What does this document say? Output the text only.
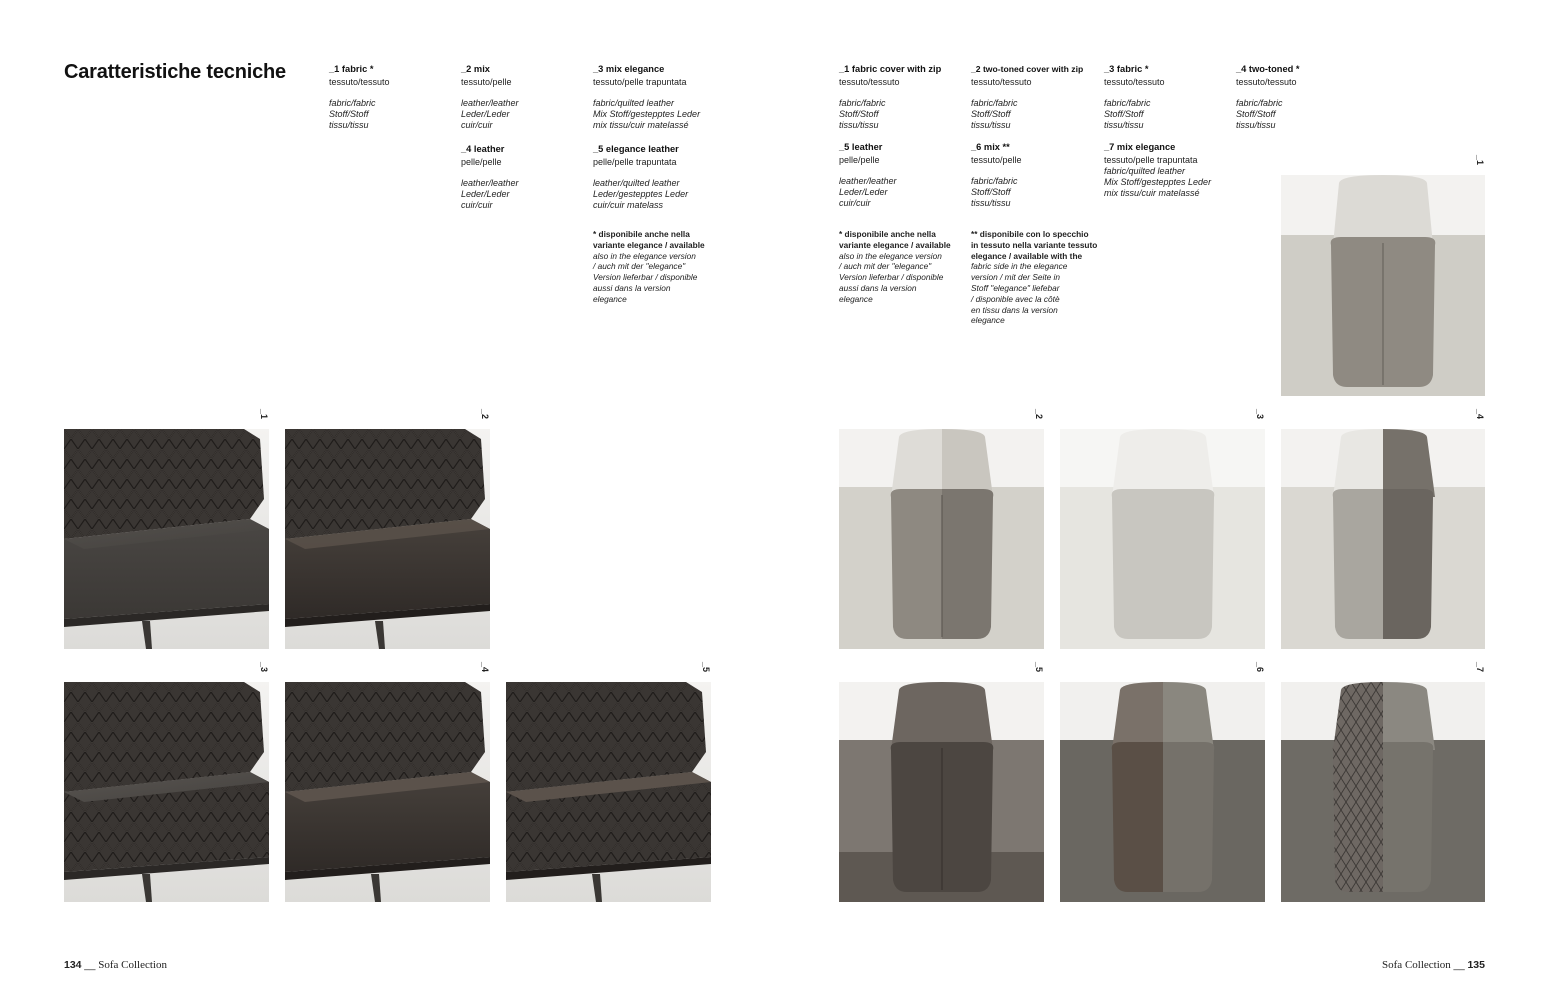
Caratteristiche tecniche	_1 fabric *
tessuto/tessuto
fabric/fabric
Stoff/Stoff
tissu/tissu
_2 mix
tessuto/pelle
leather/leather
Leder/Leder
cuir/cuir
_3 mix elegance
tessuto/pelle trapuntata
fabric/quilted leather
Mix Stoff/gestepptes Leder
mix tissu/cuir matelassé
_4 leather
pelle/pelle
leather/leather
Leder/Leder
cuir/cuir
_5 elegance leather
pelle/pelle trapuntata
leather/quilted leather
Leder/gestepptes Leder
cuir/cuir matelass
* disponibile anche nella
variante elegance / available
also in the elegance version
/ auch mit der "elegance"
Version lieferbar / disponible
aussi dans la version
elegance
_1 fabric cover with zip
tessuto/tessuto
fabric/fabric
Stoff/Stoff
tissu/tissu
_2 two-toned cover with zip
tessuto/tessuto
fabric/fabric
Stoff/Stoff
tissu/tissu
_3 fabric *
tessuto/tessuto
fabric/fabric
Stoff/Stoff
tissu/tissu
_4 two-toned *
tessuto/tessuto
fabric/fabric
Stoff/Stoff
tissu/tissu
_5 leather
pelle/pelle
leather/leather
Leder/Leder
cuir/cuir
_6 mix **
tessuto/pelle
fabric/fabric
Stoff/Stoff
tissu/tissu
_7 mix elegance
tessuto/pelle trapuntata
fabric/quilted leather
Mix Stoff/gestepptes Leder
mix tissu/cuir matelassé
* disponibile anche nella
variante elegance / available
also in the elegance version
/ auch mit der "elegance"
Version lieferbar / disponible
aussi dans la version
elegance
** disponibile con lo specchio
in tessuto nella variante tessuto
elegance / available with the
fabric side in the elegance
version / mit der Seite in
Stoff "elegance" liefebar
/ disponible avec la côtè
en tissu dans la version
elegance
_1	_2
_3	_4	_5
_1
_2	_3	_4
_5	_6	_7
134 __ Sofa Collection	Sofa Collection __ 135
